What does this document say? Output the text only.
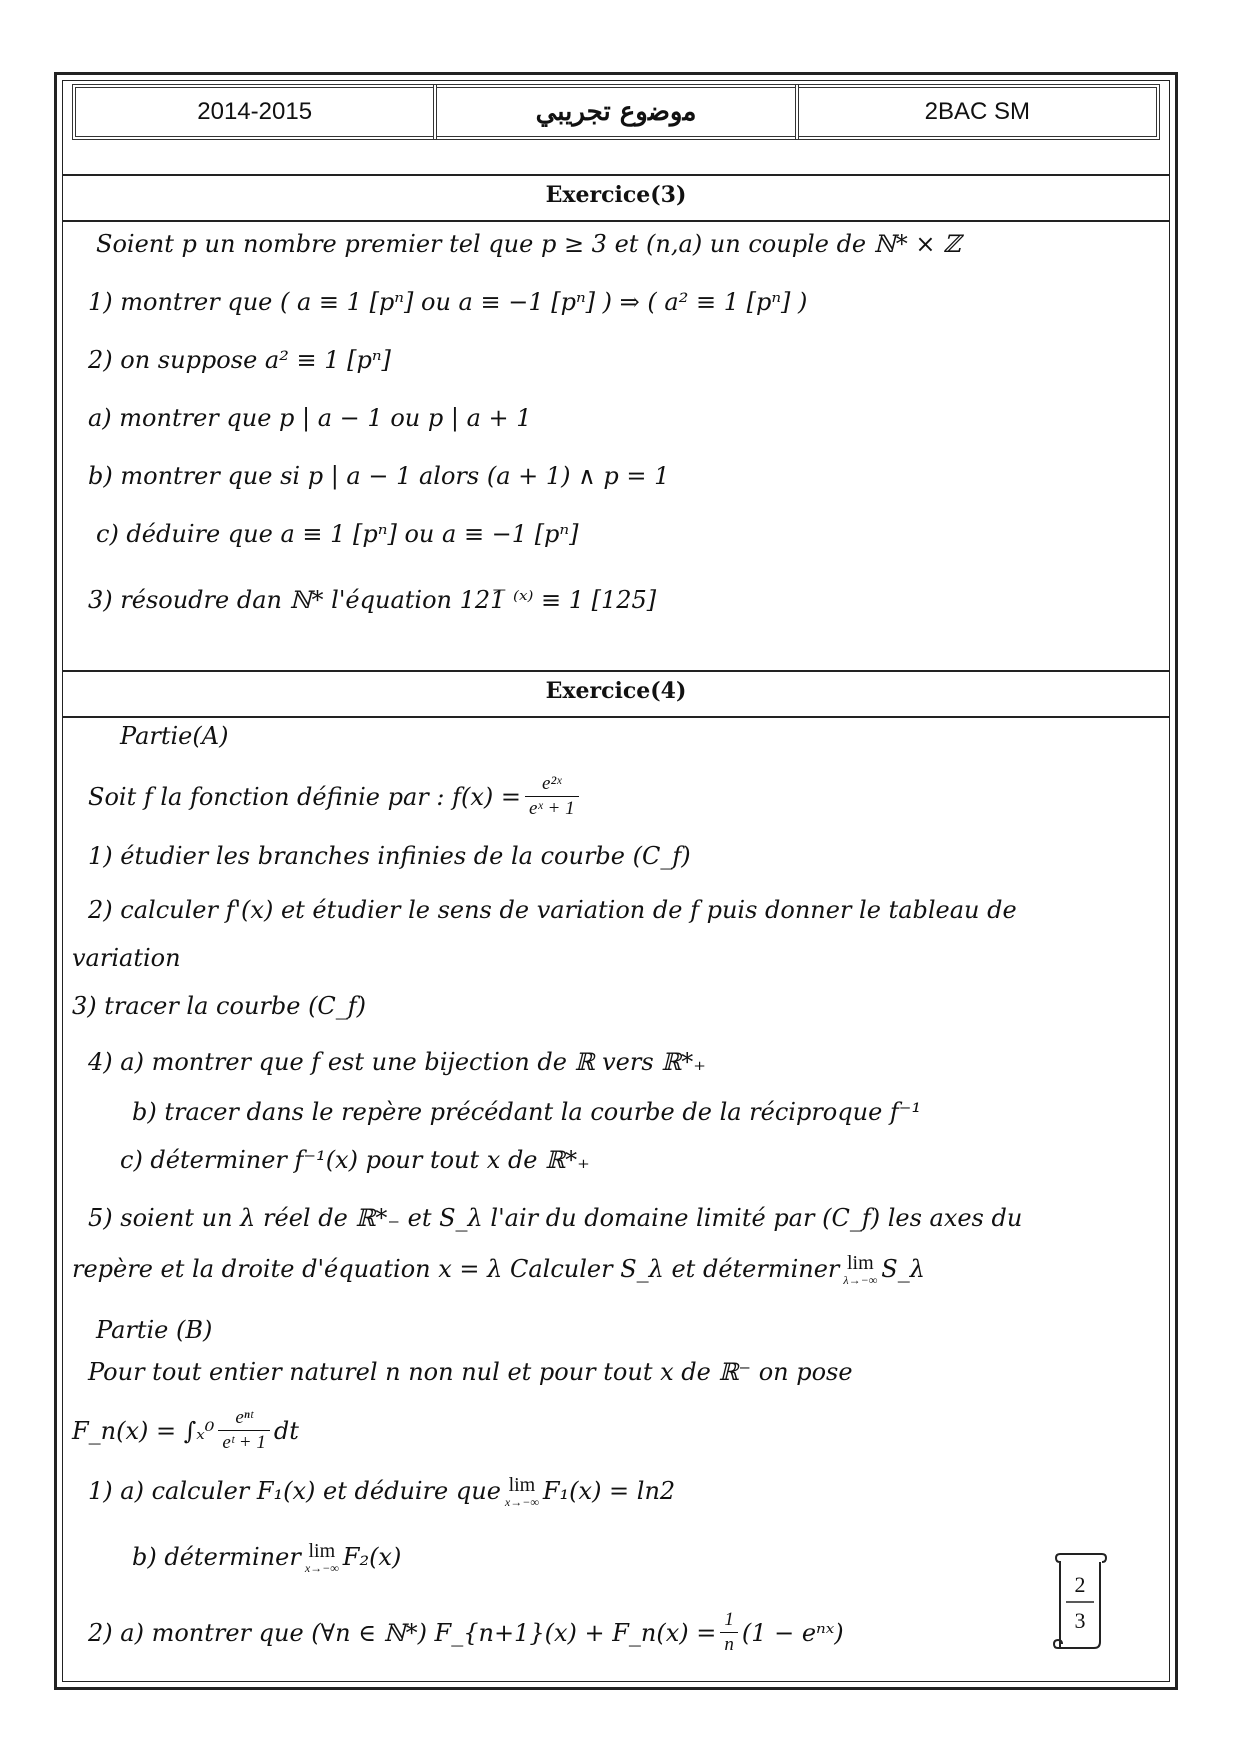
2014-2015	ﻣﻭﺿﻭﻉ ﺗﺠﺮﻳﺒﻲ	2BAC SM
Exercice(3)
Soient p un nombre premier tel que p ≥ 3 et (n,a) un couple de ℕ* × ℤ
1) montrer que ( a ≡ 1 [pⁿ] ou a ≡ −1 [pⁿ] ) ⇒ ( a² ≡ 1 [pⁿ] )
2) on suppose a² ≡ 1 [pⁿ]
a) montrer que p | a − 1 ou p | a + 1
b) montrer que si p | a − 1 alors (a + 1) ∧ p = 1
c) déduire que a ≡ 1 [pⁿ] ou a ≡ −1 [pⁿ]
3) résoudre dan ℕ* l'équation 121̅ ⁽ˣ⁾ ≡ 1 [125]
Exercice(4)
Partie(A)
Soit f la fonction définie par : $f(x) = \frac{\text{e²ˣ}}{\text{eˣ + 1}}$
1) étudier les branches infinies de la courbe (C_f)
2) calculer f'(x) et étudier le sens de variation de f puis donner le tableau de
variation
3) tracer la courbe (C_f)
4) a) montrer que f est une bijection de ℝ vers ℝ*₊
b) tracer dans le repère précédant la courbe de la réciproque f⁻¹
c) déterminer f⁻¹(x) pour tout x de ℝ*₊
5) soient un λ réel de ℝ*₋ et S_λ l'air du domaine limité par (C_f) les axes du
repère et la droite d'équation x = λ Calculer S_λ et déterminer lim
λ→−∞ S_λ
Partie (B)
Pour tout entier naturel n non nul et pour tout x de ℝ⁻ on pose
F_n(x) = $\int_x^0 \frac{\text{eⁿᵗ}}{\text{eᵗ + 1}}$ dt
1) a) calculer F₁(x) et déduire que lim
x→−∞ F₁(x) = ln2
b) déterminer lim
x→−∞ F₂(x)
2) a) montrer que (∀n ∈ ℕ*) F_{n+1}(x) + F_n(x) = $\frac{1}{n} (1$ − eⁿˣ)
2
3
